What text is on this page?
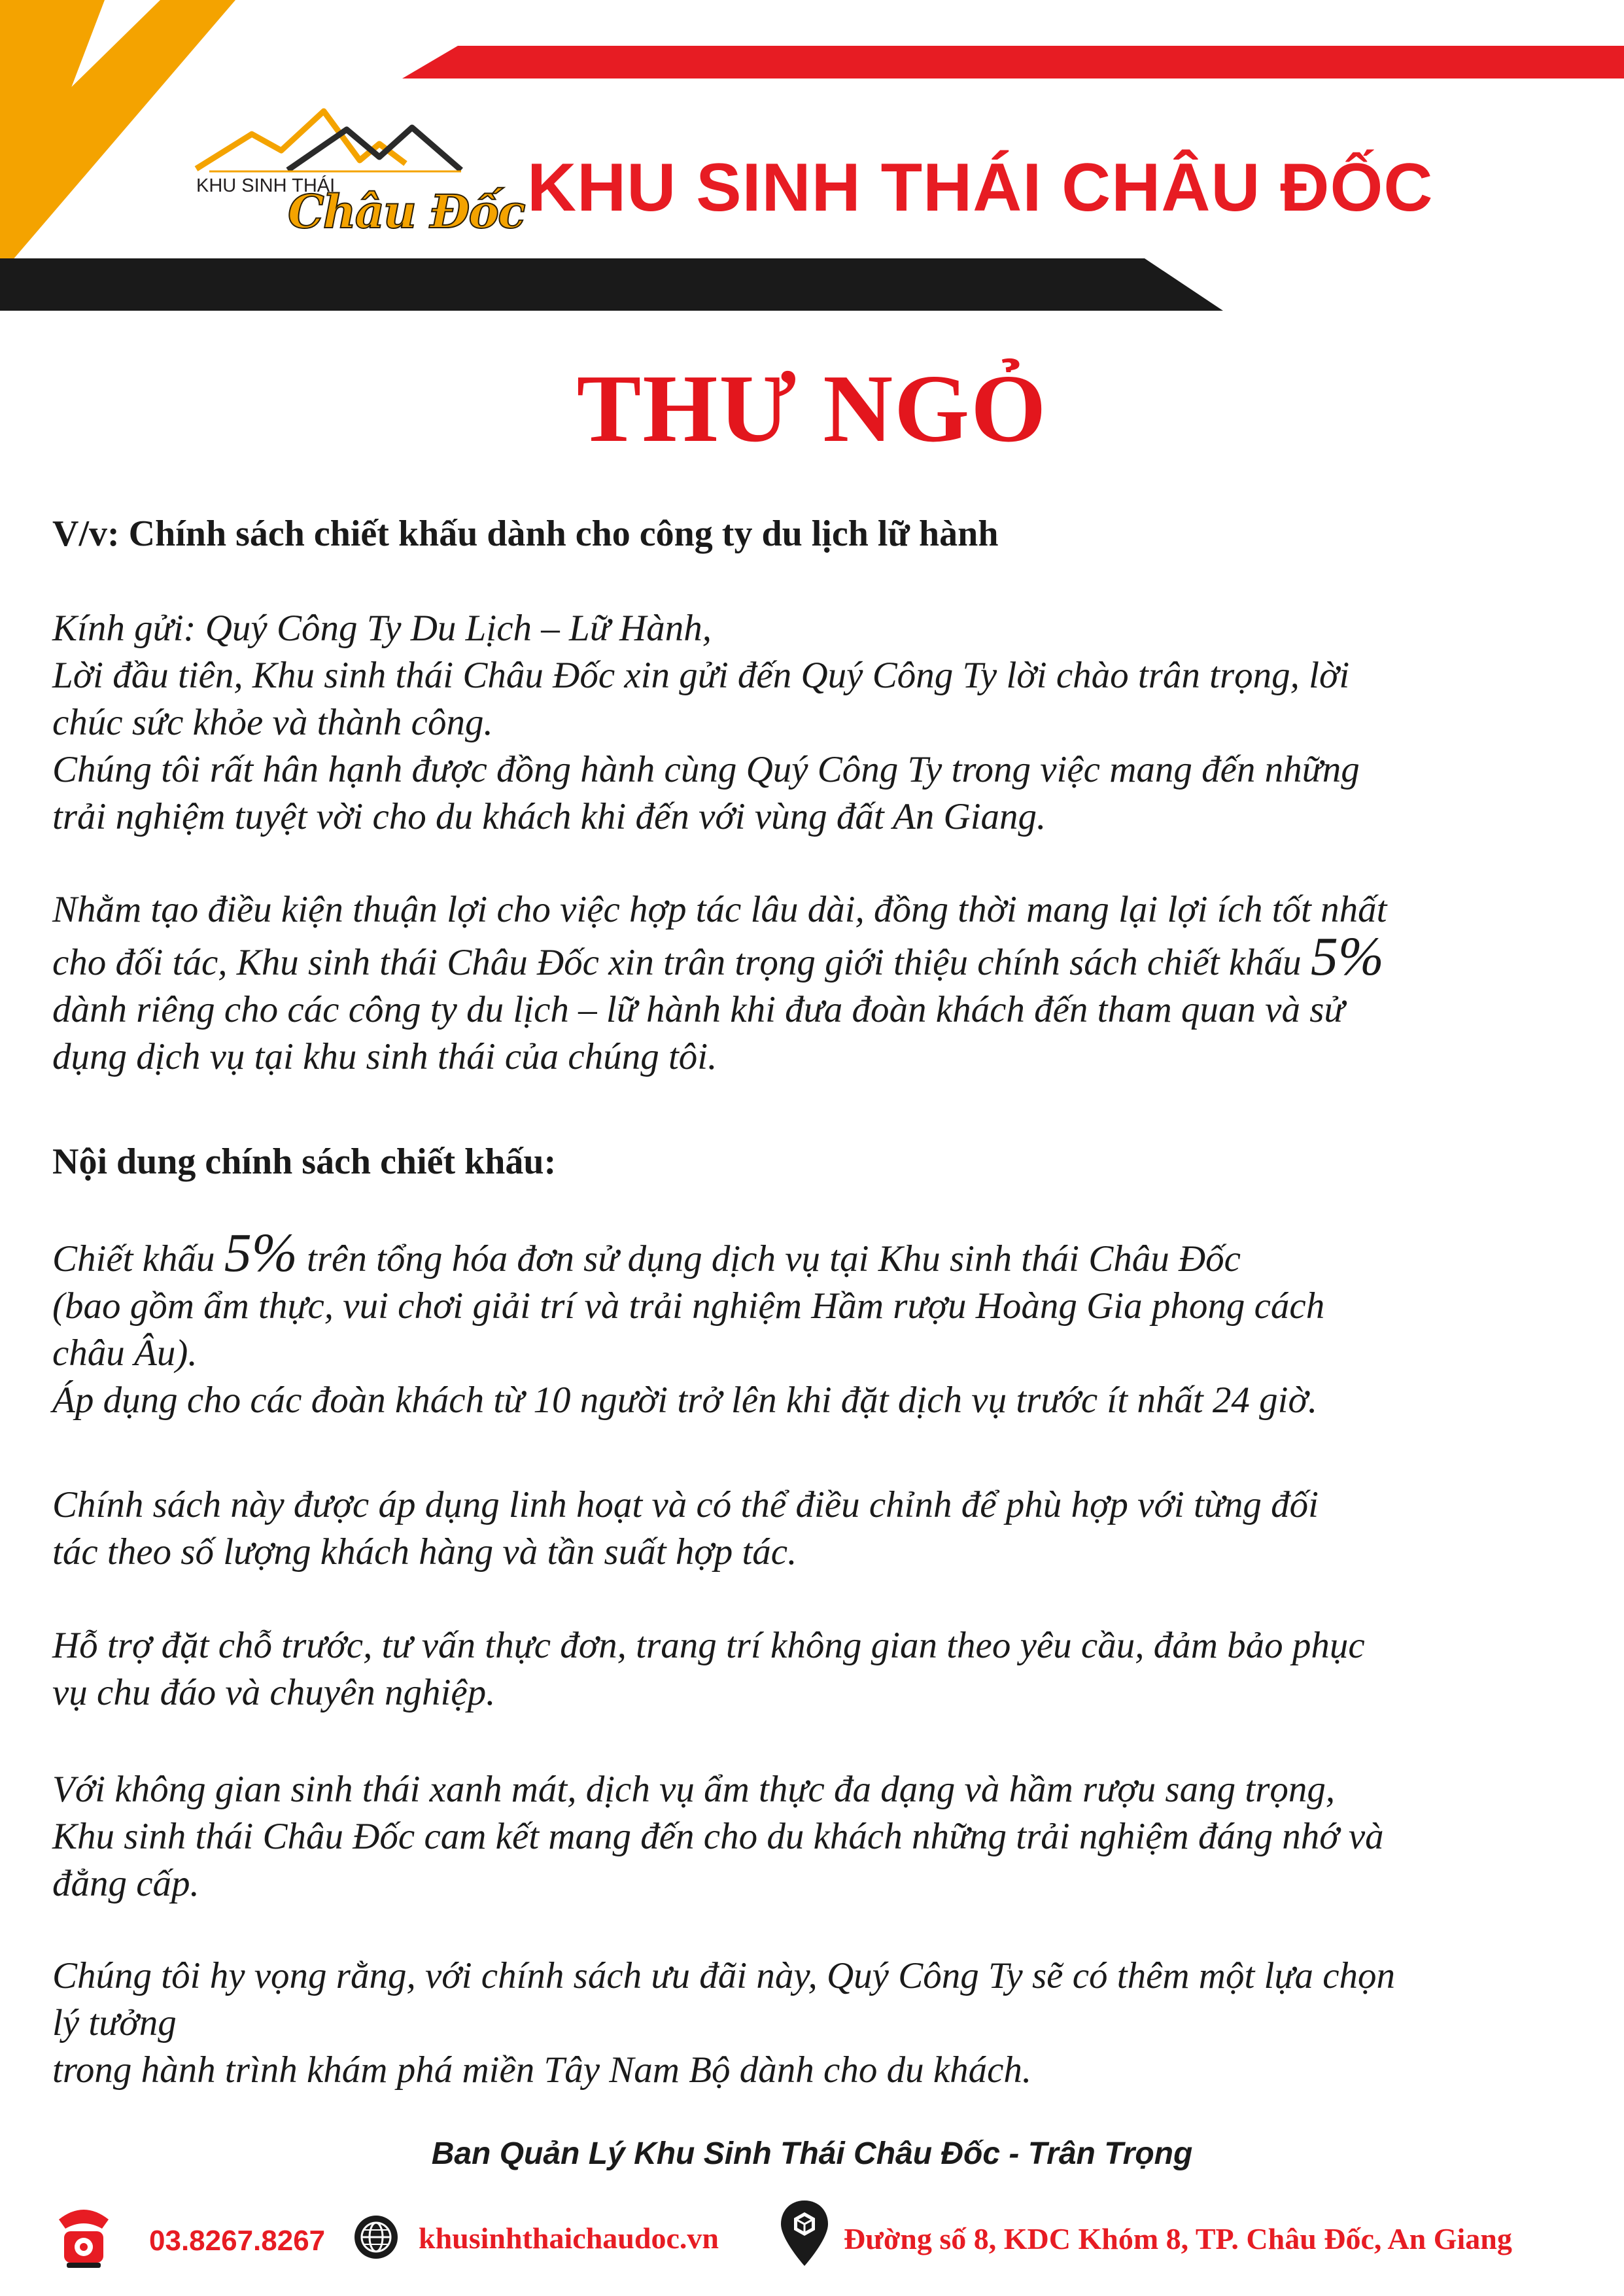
KHU SINH THÁI
Châu Đốc KHU SINH THÁI CHÂU ĐỐC
THƯ NGỎ
V/v: Chính sách chiết khấu dành cho công ty du lịch lữ hành
Kính gửi: Quý Công Ty Du Lịch – Lữ Hành,
Lời đầu tiên, Khu sinh thái Châu Đốc xin gửi đến Quý Công Ty lời chào trân trọng, lời
chúc sức khỏe và thành công.
Chúng tôi rất hân hạnh được đồng hành cùng Quý Công Ty trong việc mang đến những
trải nghiệm tuyệt vời cho du khách khi đến với vùng đất An Giang.
Nhằm tạo điều kiện thuận lợi cho việc hợp tác lâu dài, đồng thời mang lại lợi ích tốt nhất
cho đối tác, Khu sinh thái Châu Đốc xin trân trọng giới thiệu chính sách chiết khấu 5%
dành riêng cho các công ty du lịch – lữ hành khi đưa đoàn khách đến tham quan và sử
dụng dịch vụ tại khu sinh thái của chúng tôi.
Nội dung chính sách chiết khấu:
Chiết khấu 5% trên tổng hóa đơn sử dụng dịch vụ tại Khu sinh thái Châu Đốc
(bao gồm ẩm thực, vui chơi giải trí và trải nghiệm Hầm rượu Hoàng Gia phong cách
châu Âu).
Áp dụng cho các đoàn khách từ 10 người trở lên khi đặt dịch vụ trước ít nhất 24 giờ.
Chính sách này được áp dụng linh hoạt và có thể điều chỉnh để phù hợp với từng đối
tác theo số lượng khách hàng và tần suất hợp tác.
Hỗ trợ đặt chỗ trước, tư vấn thực đơn, trang trí không gian theo yêu cầu, đảm bảo phục
vụ chu đáo và chuyên nghiệp.
Với không gian sinh thái xanh mát, dịch vụ ẩm thực đa dạng và hầm rượu sang trọng,
Khu sinh thái Châu Đốc cam kết mang đến cho du khách những trải nghiệm đáng nhớ và
đẳng cấp.
Chúng tôi hy vọng rằng, với chính sách ưu đãi này, Quý Công Ty sẽ có thêm một lựa chọn
lý tưởng
trong hành trình khám phá miền Tây Nam Bộ dành cho du khách.
Ban Quản Lý Khu Sinh Thái Châu Đốc - Trân Trọng
03.8267.8267	khusinhthaichaudoc.vn	Đường số 8, KDC Khóm 8, TP. Châu Đốc, An Giang
